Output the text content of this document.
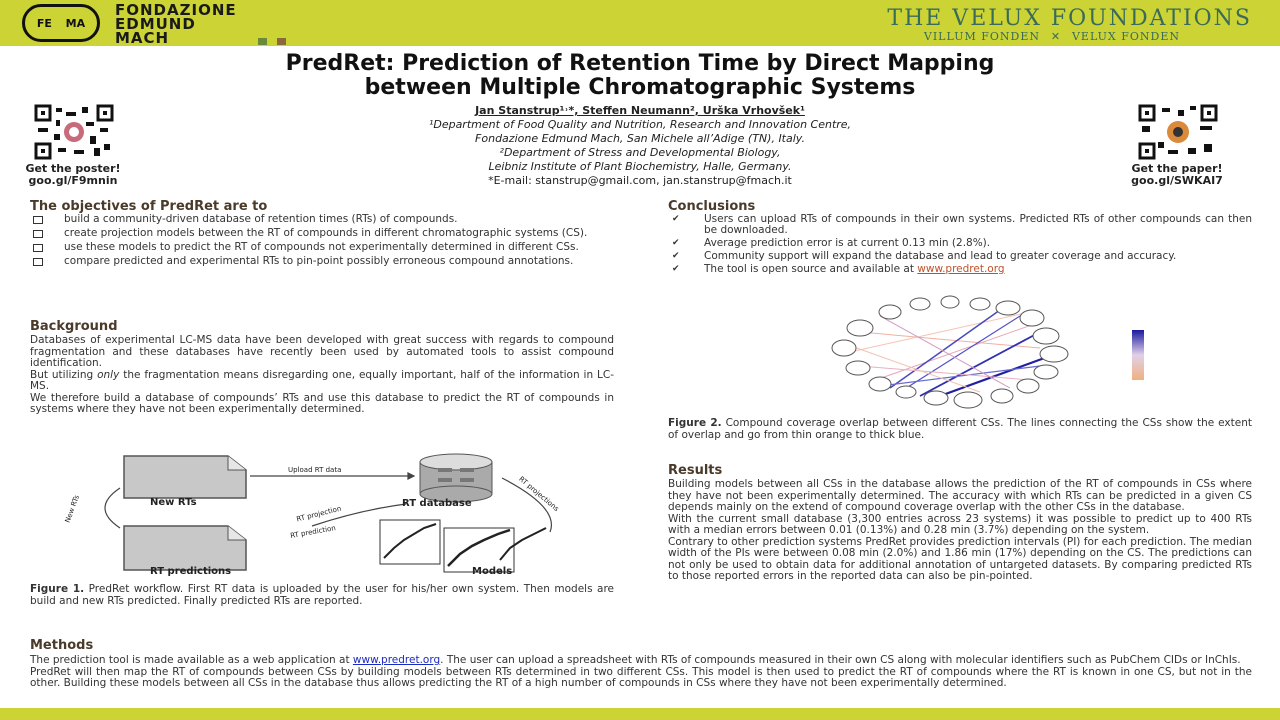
FE MA
FONDAZIONE
EDMUND
MACH
THE VELUX FOUNDATIONS
VILLUM FONDEN   ✕   VELUX FONDEN
PredRet: Prediction of Retention Time by Direct Mapping
between Multiple Chromatographic Systems
Jan Stanstrup¹˒*, Steffen Neumann², Urška Vrhovšek¹
¹Department of Food Quality and Nutrition, Research and Innovation Centre,
Fondazione Edmund Mach, San Michele all’Adige (TN), Italy.
²Department of Stress and Developmental Biology,
Leibniz Institute of Plant Biochemistry, Halle, Germany.
*E-mail: stanstrup@gmail.com, jan.stanstrup@fmach.it
Get the poster!
goo.gl/F9mnin
Get the paper!
goo.gl/SWKAI7
The objectives of PredRet are to
build a community-driven database of retention times (RTs) of compounds.
create projection models between the RT of compounds in different chromatographic systems (CS).
use these models to predict the RT of compounds not experimentally determined in different CSs.
compare predicted and experimental RTs to pin-point possibly erroneous compound annotations.
Background
Databases of experimental LC-MS data have been developed with great success with regards to compound fragmentation and these databases have recently been used by automated tools to assist compound identification.
But utilizing only the fragmentation means disregarding one, equally important, half of the information in LC-MS.
We therefore build a database of compounds’ RTs and use this database to predict the RT of compounds in systems where they have not been experimentally determined.
New RTs
RT predictions
RT database
Models
Upload RT data
RT projection
New RTs	RT projections
RT prediction
Figure 1. PredRet workflow. First RT data is uploaded by the user for his/her own system. Then models are build and new RTs predicted. Finally predicted RTs are reported.
Conclusions
✔ Users can upload RTs of compounds in their own systems. Predicted RTs of other compounds can then be downloaded.
✔ Average prediction error is at current 0.13 min (2.8%).
✔ Community support will expand the database and lead to greater coverage and accuracy.
✔ The tool is open source and available at www.predret.org
Figure 2. Compound coverage overlap between different CSs. The lines connecting the CSs show the extent of overlap and go from thin orange to thick blue.
Results
Building models between all CSs in the database allows the prediction of the RT of compounds in CSs where they have not been experimentally determined. The accuracy with which RTs can be predicted in a given CS depends mainly on the extend of compound coverage overlap with the other CSs in the database.
With the current small database (3,300 entries across 23 systems) it was possible to predict up to 400 RTs with a median errors between 0.01 (0.13%) and 0.28 min (3.7%) depending on the system.
Contrary to other prediction systems PredRet provides prediction intervals (PI) for each prediction. The median width of the PIs were between 0.08 min (2.0%) and 1.86 min (17%) depending on the CS. The predictions can not only be used to obtain data for additional annotation of untargeted datasets. By comparing predicted RTs to those reported errors in the reported data can also be pin-pointed.
Methods
The prediction tool is made available as a web application at www.predret.org. The user can upload a spreadsheet with RTs of compounds measured in their own CS along with molecular identifiers such as PubChem CIDs or InChIs.
PredRet will then map the RT of compounds between CSs by building models between RTs determined in two different CSs. This model is then used to predict the RT of compounds where the RT is known in one CS, but not in the other. Building these models between all CSs in the database thus allows predicting the RT of a high number of compounds in CSs where they have not been experimentally determined.
